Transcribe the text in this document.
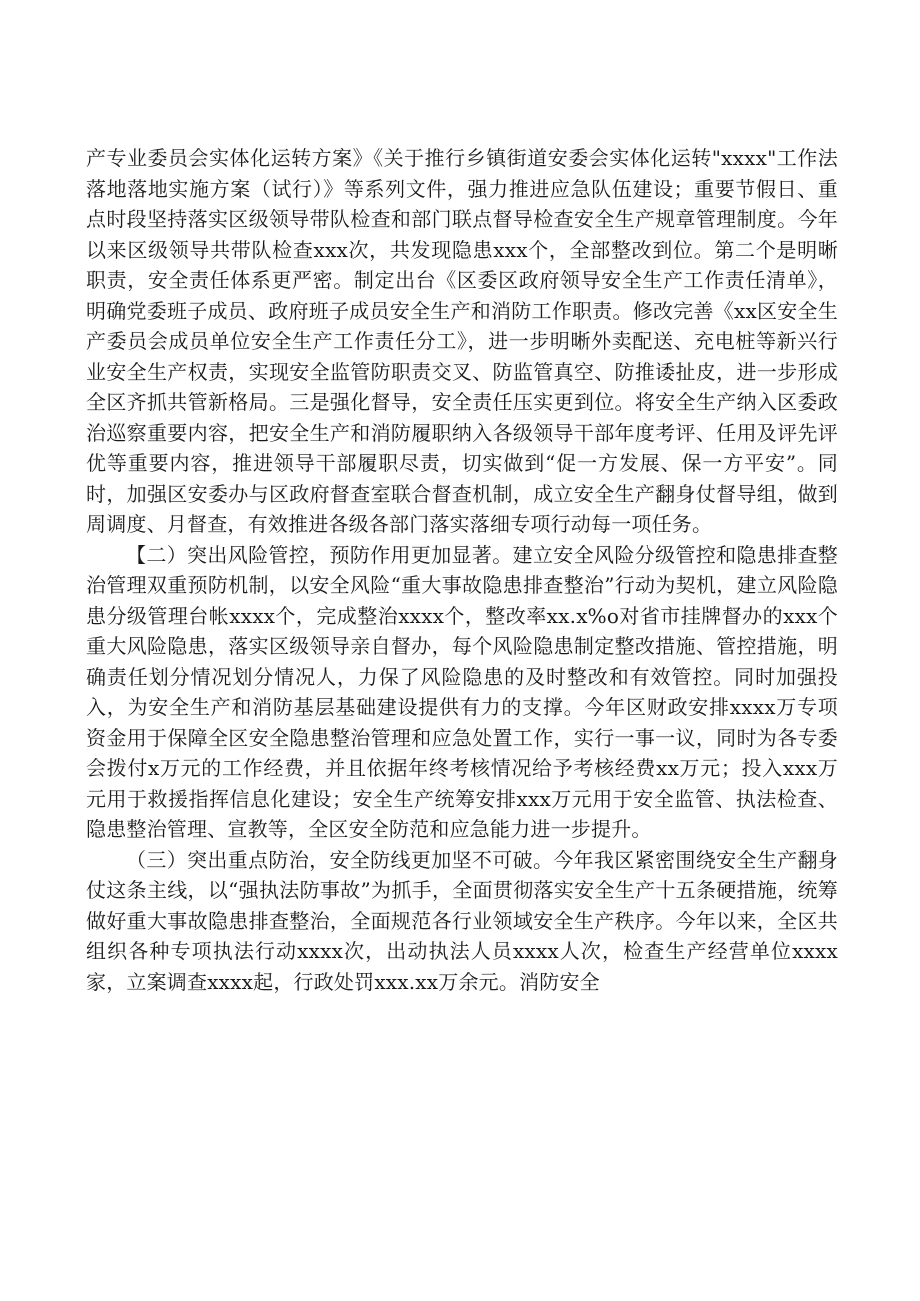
产专业委员会实体化运转方案》《关于推行乡镇街道安委会实体化运转"xxxx"工作法落地落地实施方案（试行）》等系列文件，强力推进应急队伍建设；重要节假日、重点时段坚持落实区级领导带队检查和部门联点督导检查安全生产规章管理制度。今年以来区级领导共带队检查xxx次，共发现隐患xxx个，全部整改到位。第二个是明晰职责，安全责任体系更严密。制定出台《区委区政府领导安全生产工作责任清单》，明确党委班子成员、政府班子成员安全生产和消防工作职责。修改完善《xx区安全生产委员会成员单位安全生产工作责任分工》，进一步明晰外卖配送、充电桩等新兴行业安全生产权责，实现安全监管防职责交叉、防监管真空、防推诿扯皮，进一步形成全区齐抓共管新格局。三是强化督导，安全责任压实更到位。将安全生产纳入区委政治巡察重要内容，把安全生产和消防履职纳入各级领导干部年度考评、任用及评先评优等重要内容，推进领导干部履职尽责，切实做到“促一方发展、保一方平安”。同时，加强区安委办与区政府督查室联合督查机制，成立安全生产翻身仗督导组，做到周调度、月督查，有效推进各级各部门落实落细专项行动每一项任务。

【二）突出风险管控，预防作用更加显著。建立安全风险分级管控和隐患排查整治管理双重预防机制，以安全风险“重大事故隐患排查整治”行动为契机，建立风险隐患分级管理台帐xxxx个，完成整治xxxx个，整改率xx.x%o对省市挂牌督办的xxx个重大风险隐患，落实区级领导亲自督办，每个风险隐患制定整改措施、管控措施，明确责任划分情况划分情况人，力保了风险隐患的及时整改和有效管控。同时加强投入，为安全生产和消防基层基础建设提供有力的支撑。今年区财政安排xxxx万专项资金用于保障全区安全隐患整治管理和应急处置工作，实行一事一议，同时为各专委会拨付x万元的工作经费，并且依据年终考核情况给予考核经费xx万元；投入xxx万元用于救援指挥信息化建设；安全生产统筹安排xxx万元用于安全监管、执法检查、隐患整治管理、宣教等，全区安全防范和应急能力进一步提升。

（三）突出重点防治，安全防线更加坚不可破。今年我区紧密围绕安全生产翻身仗这条主线，以“强执法防事故”为抓手，全面贯彻落实安全生产十五条硬措施，统筹做好重大事故隐患排查整治，全面规范各行业领域安全生产秩序。今年以来，全区共组织各种专项执法行动xxxx次，出动执法人员xxxx人次，检查生产经营单位xxxx家，立案调查xxxx起，行政处罚xxx.xx万余元。消防安全
